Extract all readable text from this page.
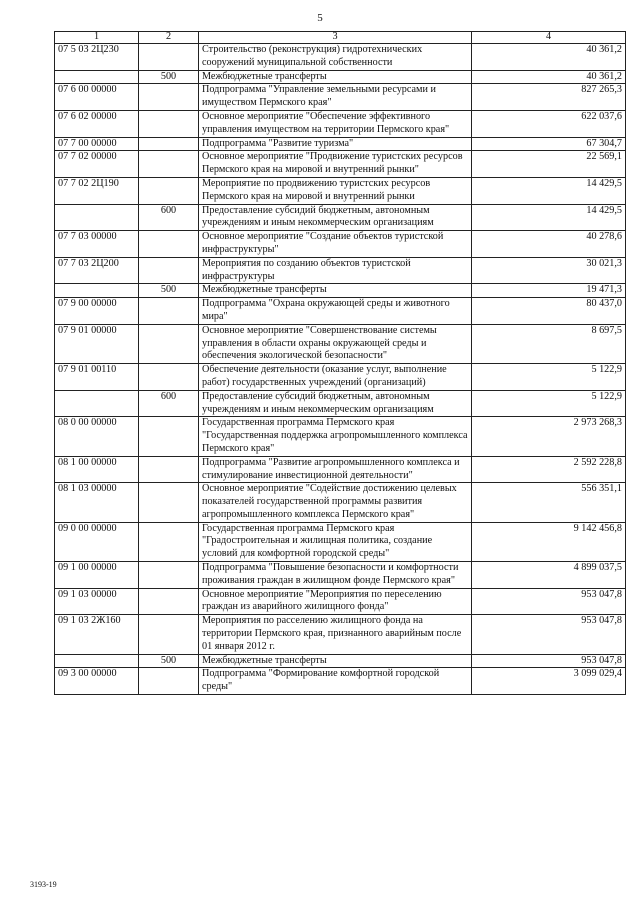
5
1	2	3	4
07 5 03 2Ц230		Строительство (реконструкция) гидротехнических сооружений муниципальной собственности	40 361,2
	500	Межбюджетные трансферты	40 361,2
07 6 00 00000		Подпрограмма "Управление земельными ресурсами и имуществом Пермского края"	827 265,3
07 6 02 00000		Основное мероприятие "Обеспечение эффективного управления имуществом на территории Пермского края"	622 037,6
07 7 00 00000		Подпрограмма "Развитие туризма"	67 304,7
07 7 02 00000		Основное мероприятие "Продвижение туристских ресурсов Пермского края на мировой и внутренний рынки"	22 569,1
07 7 02 2Ц190		Мероприятие по продвижению туристских ресурсов Пермского края на мировой и внутренний рынки	14 429,5
	600	Предоставление субсидий бюджетным, автономным учреждениям и иным некоммерческим организациям	14 429,5
07 7 03 00000		Основное мероприятие "Создание объектов туристской инфраструктуры"	40 278,6
07 7 03 2Ц200		Мероприятия по созданию объектов туристской инфраструктуры	30 021,3
	500	Межбюджетные трансферты	19 471,3
07 9 00 00000		Подпрограмма "Охрана окружающей среды и животного мира"	80 437,0
07 9 01 00000		Основное мероприятие "Совершенствование системы управления в области охраны окружающей среды и обеспечения экологической безопасности"	8 697,5
07 9 01 00110		Обеспечение деятельности (оказание услуг, выполнение работ) государственных учреждений (организаций)	5 122,9
	600	Предоставление субсидий бюджетным, автономным учреждениям и иным некоммерческим организациям	5 122,9
08 0 00 00000		Государственная программа Пермского края "Государственная поддержка агропромышленного комплекса Пермского края"	2 973 268,3
08 1 00 00000		Подпрограмма "Развитие агропромышленного комплекса и стимулирование инвестиционной деятельности"	2 592 228,8
08 1 03 00000		Основное мероприятие "Содействие достижению целевых показателей государственной программы развития агропромышленного комплекса Пермского края"	556 351,1
09 0 00 00000		Государственная программа Пермского края "Градостроительная и жилищная политика, создание условий для комфортной городской среды"	9 142 456,8
09 1 00 00000		Подпрограмма "Повышение безопасности и комфортности проживания граждан в жилищном фонде Пермского края"	4 899 037,5
09 1 03 00000		Основное мероприятие "Мероприятия по переселению граждан из аварийного жилищного фонда"	953 047,8
09 1 03 2Ж160		Мероприятия по расселению жилищного фонда на территории Пермского края, признанного аварийным после 01 января 2012 г.	953 047,8
	500	Межбюджетные трансферты	953 047,8
09 3 00 00000		Подпрограмма "Формирование комфортной городской среды"	3 099 029,4
3193-19
